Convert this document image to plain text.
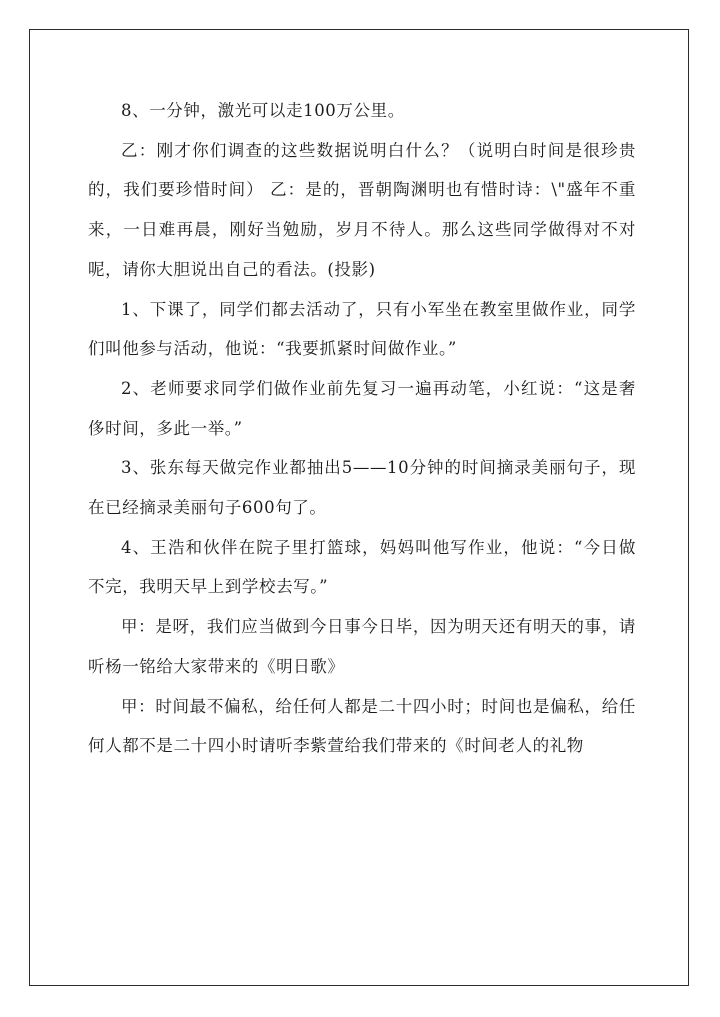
8、一分钟，激光可以走100万公里。

乙：刚才你们调查的这些数据说明白什么？（说明白时间是很珍贵的，我们要珍惜时间） 乙：是的，晋朝陶渊明也有惜时诗：\"盛年不重来，一日难再晨，刚好当勉励，岁月不待人。那么这些同学做得对不对呢，请你大胆说出自己的看法。(投影)

1、下课了，同学们都去活动了，只有小军坐在教室里做作业，同学们叫他参与活动，他说：“我要抓紧时间做作业。”

2、老师要求同学们做作业前先复习一遍再动笔，小红说：“这是奢侈时间，多此一举。”

3、张东每天做完作业都抽出5——10分钟的时间摘录美丽句子，现在已经摘录美丽句子600句了。

4、王浩和伙伴在院子里打篮球，妈妈叫他写作业，他说：“今日做不完，我明天早上到学校去写。”

甲：是呀，我们应当做到今日事今日毕，因为明天还有明天的事，请听杨一铭给大家带来的《明日歌》

甲：时间最不偏私，给任何人都是二十四小时；时间也是偏私，给任何人都不是二十四小时请听李紫萱给我们带来的《时间老人的礼物
